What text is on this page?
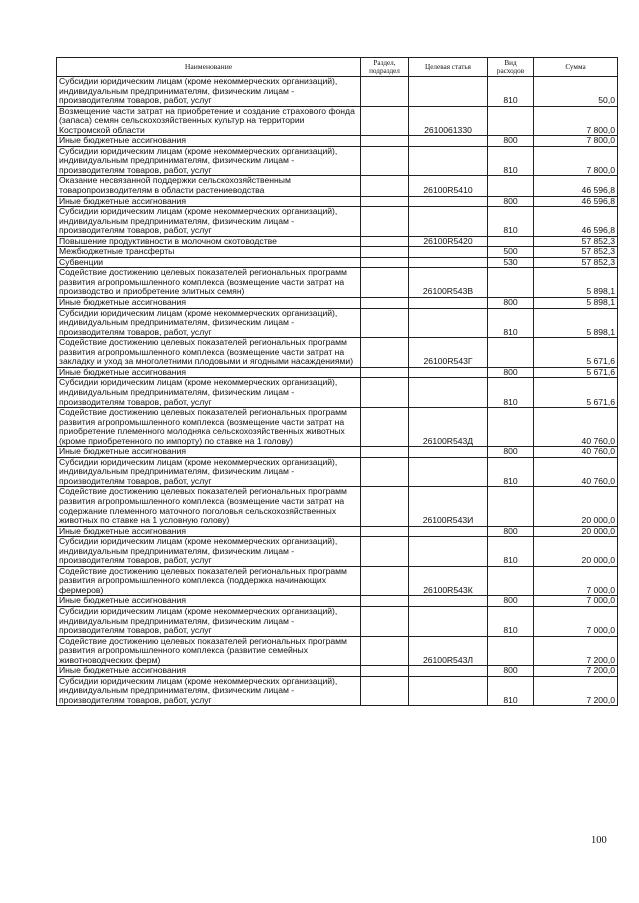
Наименование	Раздел, подраздел	Целевая статья	Вид расходов	Сумма
Субсидии юридическим лицам (кроме некоммерческих организаций), индивидуальным предпринимателям, физическим лицам - производителям товаров, работ, услуг			810	50,0
Возмещение части затрат на приобретение и создание страхового фонда (запаса) семян сельскохозяйственных культур на территории Костромской области		2610061330		7 800,0
Иные бюджетные ассигнования			800	7 800,0
Субсидии юридическим лицам (кроме некоммерческих организаций), индивидуальным предпринимателям, физическим лицам - производителям товаров, работ, услуг			810	7 800,0
Оказание несвязанной поддержки сельскохозяйственным товаропроизводителям в области растениеводства		26100R5410		46 596,8
Иные бюджетные ассигнования			800	46 596,8
Субсидии юридическим лицам (кроме некоммерческих организаций), индивидуальным предпринимателям, физическим лицам - производителям товаров, работ, услуг			810	46 596,8
Повышение продуктивности в молочном скотоводстве		26100R5420		57 852,3
Межбюджетные трансферты			500	57 852,3
Субвенции			530	57 852,3
Содействие достижению целевых показателей региональных программ развития агропромышленного комплекса (возмещение части затрат на производство и приобретение элитных семян)		26100R543В		5 898,1
Иные бюджетные ассигнования			800	5 898,1
Субсидии юридическим лицам (кроме некоммерческих организаций), индивидуальным предпринимателям, физическим лицам - производителям товаров, работ, услуг			810	5 898,1
Содействие достижению целевых показателей региональных программ развития агропромышленного комплекса (возмещение части затрат на закладку и уход за многолетними плодовыми и ягодными насаждениями)		26100R543Г		5 671,6
Иные бюджетные ассигнования			800	5 671,6
Субсидии юридическим лицам (кроме некоммерческих организаций), индивидуальным предпринимателям, физическим лицам - производителям товаров, работ, услуг			810	5 671,6
Содействие достижению целевых показателей региональных программ развития агропромышленного комплекса (возмещение части затрат на приобретение племенного молодняка сельскохозяйственных животных (кроме приобретенного по импорту) по ставке на 1 голову)		26100R543Д		40 760,0
Иные бюджетные ассигнования			800	40 760,0
Субсидии юридическим лицам (кроме некоммерческих организаций), индивидуальным предпринимателям, физическим лицам - производителям товаров, работ, услуг			810	40 760,0
Содействие достижению целевых показателей региональных программ развития агропромышленного комплекса (возмещение части затрат на содержание племенного маточного поголовья сельскохозяйственных животных по ставке на 1 условную голову)		26100R543И		20 000,0
Иные бюджетные ассигнования			800	20 000,0
Субсидии юридическим лицам (кроме некоммерческих организаций), индивидуальным предпринимателям, физическим лицам - производителям товаров, работ, услуг			810	20 000,0
Содействие достижению целевых показателей региональных программ развития агропромышленного комплекса (поддержка начинающих фермеров)		26100R543К		7 000,0
Иные бюджетные ассигнования			800	7 000,0
Субсидии юридическим лицам (кроме некоммерческих организаций), индивидуальным предпринимателям, физическим лицам - производителям товаров, работ, услуг			810	7 000,0
Содействие достижению целевых показателей региональных программ развития агропромышленного комплекса (развитие семейных животноводческих ферм)		26100R543Л		7 200,0
Иные бюджетные ассигнования			800	7 200,0
Субсидии юридическим лицам (кроме некоммерческих организаций), индивидуальным предпринимателям, физическим лицам - производителям товаров, работ, услуг			810	7 200,0
100
